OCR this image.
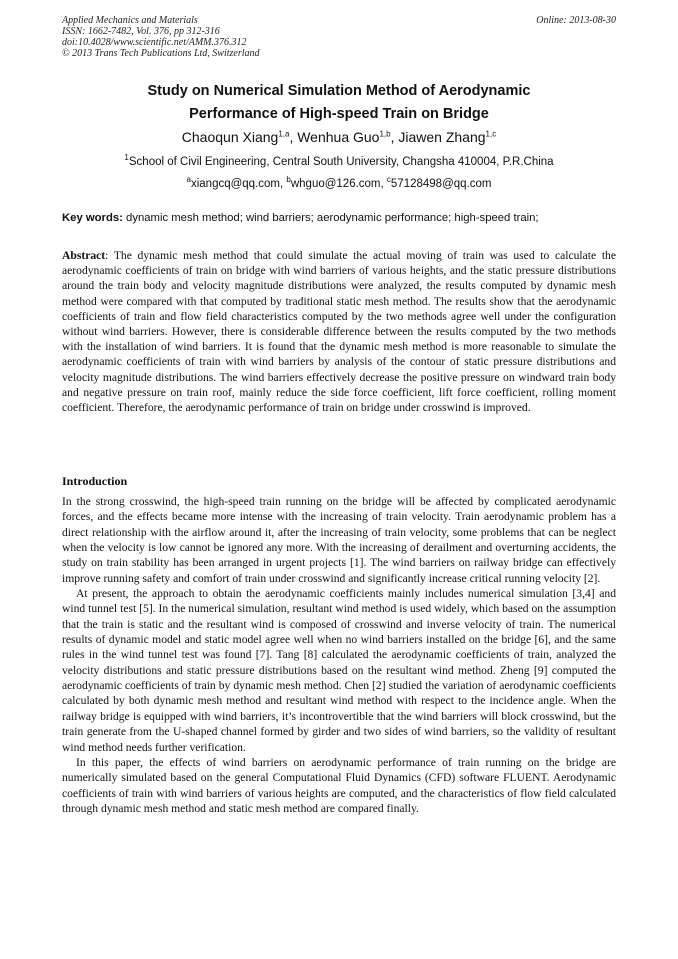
Applied Mechanics and Materials
ISSN: 1662-7482, Vol. 376, pp 312-316
doi:10.4028/www.scientific.net/AMM.376.312
© 2013 Trans Tech Publications Ltd, Switzerland
Online: 2013-08-30
Study on Numerical Simulation Method of Aerodynamic
Performance of High-speed Train on Bridge
Chaoqun Xiang$^{1,a}$, Wenhua Guo$^{1,b}$, Jiawen Zhang$^{1,c}$
$^1$School of Civil Engineering, Central South University, Changsha 410004, P.R.China
$^a$xiangcq@qq.com, $^b$whguo@126.com, $^c$57128498@qq.com
Key words: dynamic mesh method; wind barriers; aerodynamic performance; high-speed train;
Abstract: The dynamic mesh method that could simulate the actual moving of train was used to calculate the aerodynamic coefficients of train on bridge with wind barriers of various heights, and the static pressure distributions around the train body and velocity magnitude distributions were analyzed, the results computed by dynamic mesh method were compared with that computed by traditional static mesh method. The results show that the aerodynamic coefficients of train and flow field characteristics computed by the two methods agree well under the configuration without wind barriers. However, there is considerable difference between the results computed by the two methods with the installation of wind barriers. It is found that the dynamic mesh method is more reasonable to simulate the aerodynamic coefficients of train with wind barriers by analysis of the contour of static pressure distributions and velocity magnitude distributions. The wind barriers effectively decrease the positive pressure on windward train body and negative pressure on train roof, mainly reduce the side force coefficient, lift force coefficient, rolling moment coefficient. Therefore, the aerodynamic performance of train on bridge under crosswind is improved.
Introduction

In the strong crosswind, the high-speed train running on the bridge will be affected by complicated aerodynamic forces, and the effects became more intense with the increasing of train velocity. Train aerodynamic problem has a direct relationship with the airflow around it, after the increasing of train velocity, some problems that can be neglect when the velocity is low cannot be ignored any more. With the increasing of derailment and overturning accidents, the study on train stability has been arranged in urgent projects [1]. The wind barriers on railway bridge can effectively improve running safety and comfort of train under crosswind and significantly increase critical running velocity [2].

At present, the approach to obtain the aerodynamic coefficients mainly includes numerical simulation [3,4] and wind tunnel test [5]. In the numerical simulation, resultant wind method is used widely, which based on the assumption that the train is static and the resultant wind is composed of crosswind and inverse velocity of train. The numerical results of dynamic model and static model agree well when no wind barriers installed on the bridge [6], and the same rules in the wind tunnel test was found [7]. Tang [8] calculated the aerodynamic coefficients of train, analyzed the velocity distributions and static pressure distributions based on the resultant wind method. Zheng [9] computed the aerodynamic coefficients of train by dynamic mesh method. Chen [2] studied the variation of aerodynamic coefficients calculated by both dynamic mesh method and resultant wind method with respect to the incidence angle. When the railway bridge is equipped with wind barriers, it’s incontrovertible that the wind barriers will block crosswind, but the train generate from the U-shaped channel formed by girder and two sides of wind barriers, so the validity of resultant wind method needs further verification.

In this paper, the effects of wind barriers on aerodynamic performance of train running on the bridge are numerically simulated based on the general Computational Fluid Dynamics (CFD) software FLUENT. Aerodynamic coefficients of train with wind barriers of various heights are computed, and the characteristics of flow field calculated through dynamic mesh method and static mesh method are compared finally.
